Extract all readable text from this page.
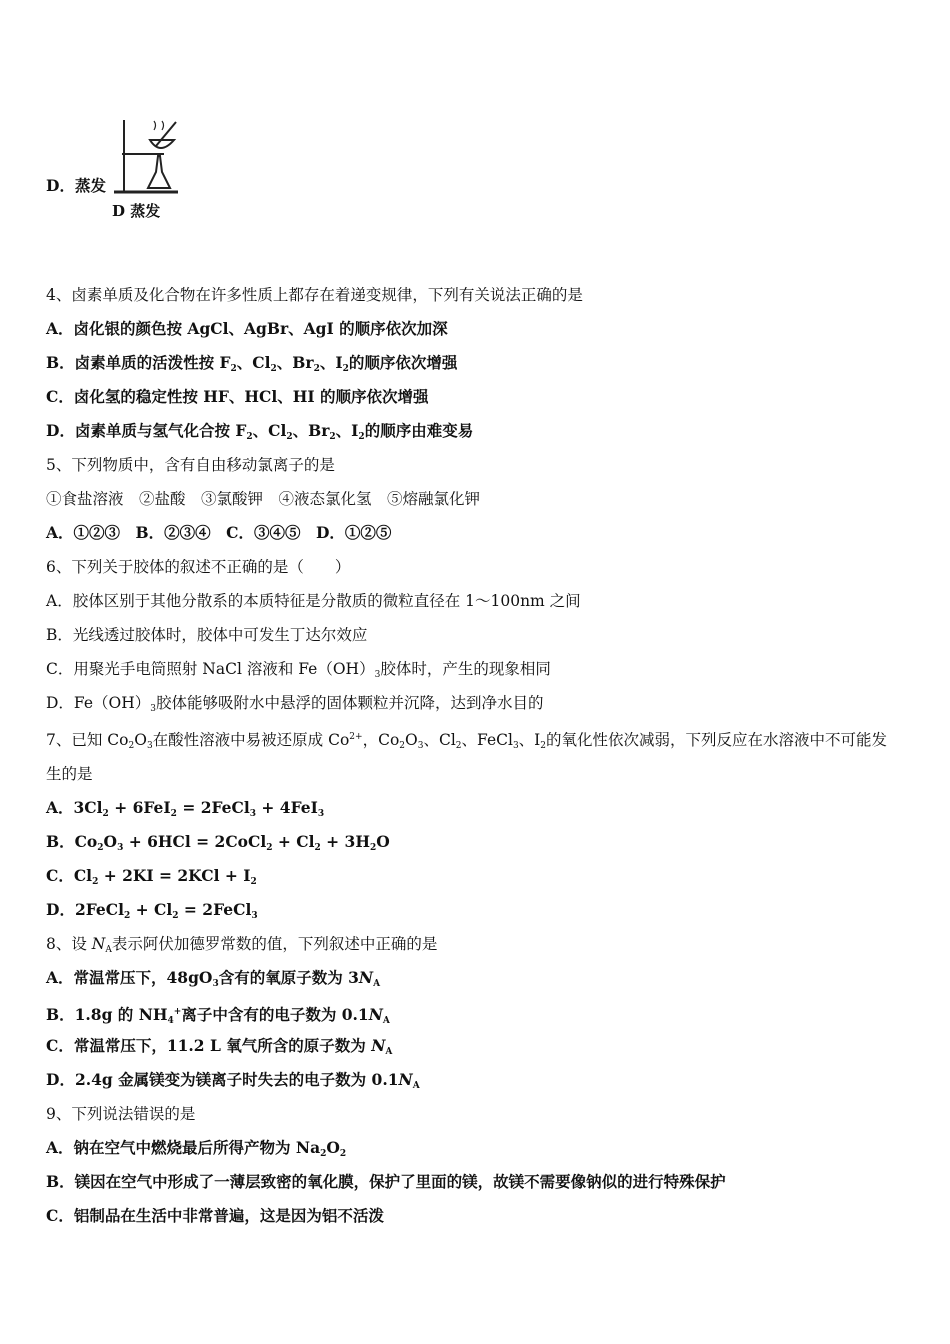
D 蒸发
D．蒸发
4、卤素单质及化合物在许多性质上都存在着递变规律，下列有关说法正确的是
A．卤化银的颜色按 AgCl、AgBr、AgI 的顺序依次加深
B．卤素单质的活泼性按 F2、Cl2、Br2、I2的顺序依次增强
C．卤化氢的稳定性按 HF、HCl、HI 的顺序依次增强
D．卤素单质与氢气化合按 F2、Cl2、Br2、I2的顺序由难变易
5、下列物质中，含有自由移动氯离子的是
①食盐溶液　②盐酸　③氯酸钾　④液态氯化氢　⑤熔融氯化钾
A．①②③　B．②③④　C．③④⑤　D．①②⑤
6、下列关于胶体的叙述不正确的是（　　）
A．胶体区别于其他分散系的本质特征是分散质的微粒直径在 1～100nm 之间
B．光线透过胶体时，胶体中可发生丁达尔效应
C．用聚光手电筒照射 NaCl 溶液和 Fe（OH）3胶体时，产生的现象相同
D．Fe（OH）3胶体能够吸附水中悬浮的固体颗粒并沉降，达到净水目的
7、已知 Co2O3在酸性溶液中易被还原成 $Co^{2+}$，Co2O3、Cl2、FeCl3、I2的氧化性依次减弱，下列反应在水溶液中不可能发
生的是
A．3Cl2 + 6FeI2 = 2FeCl3 + 4FeI3
B．Co2O3 + 6HCl = 2CoCl2 + Cl2 + 3H2O
C．Cl2 + 2KI = 2KCl + I2
D．2FeCl2 + Cl2 = 2FeCl3
8、设 NA表示阿伏加德罗常数的值，下列叙述中正确的是
A．常温常压下，48gO3含有的氧原子数为 3NA
B．1.8g 的 NH4+离子中含有的电子数为 0.1NA
C．常温常压下，11.2 L 氧气所含的原子数为 NA
D．2.4g 金属镁变为镁离子时失去的电子数为 0.1NA
9、下列说法错误的是
A．钠在空气中燃烧最后所得产物为 Na2O2
B．镁因在空气中形成了一薄层致密的氧化膜，保护了里面的镁，故镁不需要像钠似的进行特殊保护
C．铝制品在生活中非常普遍，这是因为铝不活泼
